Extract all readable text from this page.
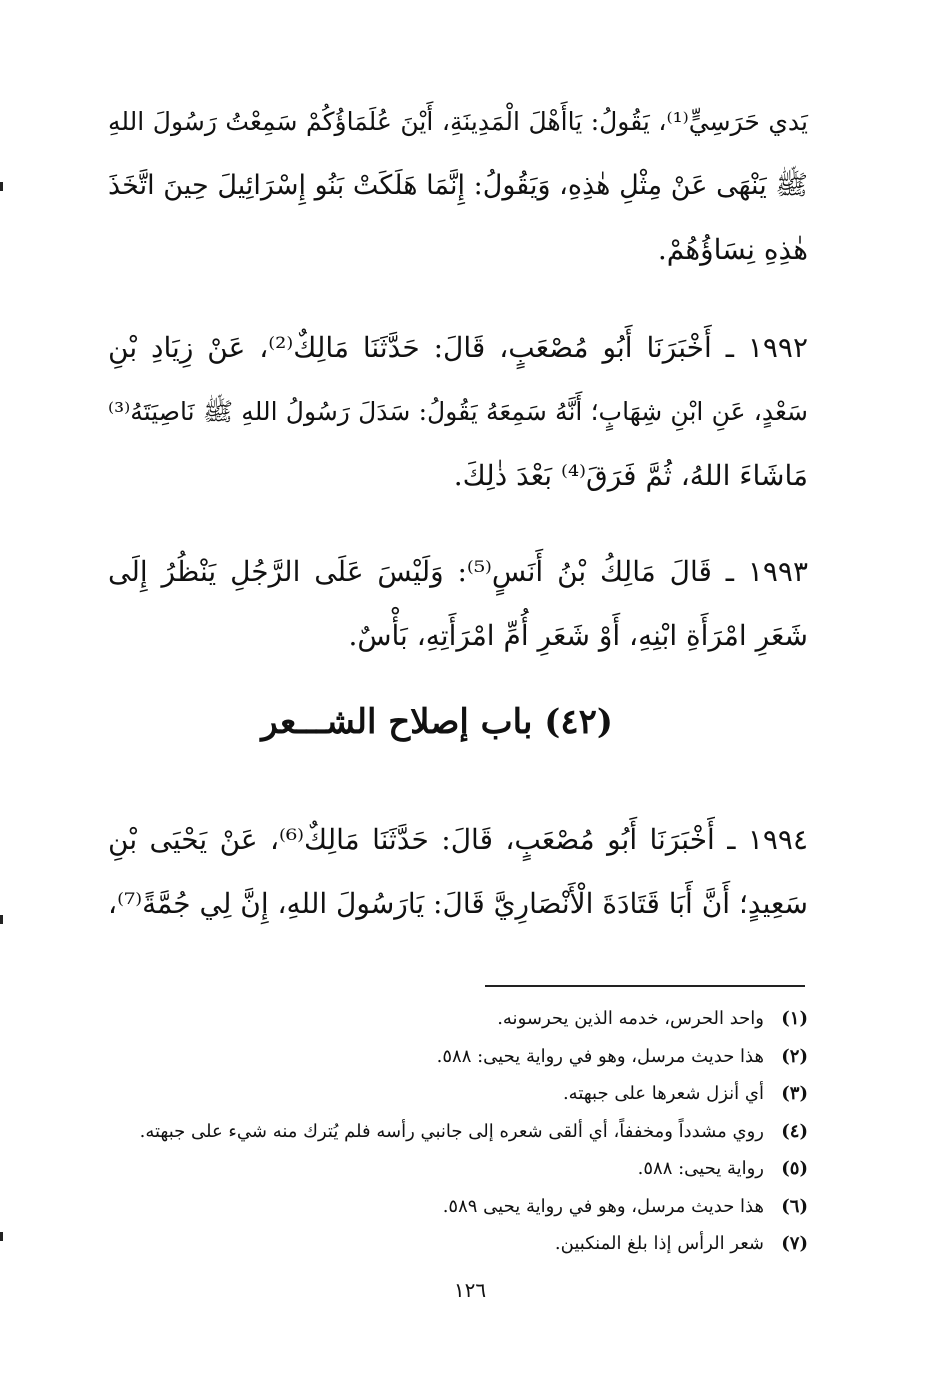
يَدي حَرَسِيٍّ⁽¹⁾، يَقُولُ: يَاأَهْلَ الْمَدِينَةِ، أَيْنَ عُلَمَاؤُكُمْ سَمِعْتُ رَسُولَ اللهِ
ﷺ يَنْهَى عَنْ مِثْلِ هٰذِهِ، وَيَقُولُ: إِنَّمَا هَلَكَتْ بَنُو إِسْرَائِيلَ حِينَ اتَّخَذَ
هٰذِهِ نِسَاؤُهُمْ.
١٩٩٢ ـ أَخْبَرَنَا أَبُو مُصْعَبٍ، قَالَ: حَدَّثَنَا مَالِكٌ⁽²⁾، عَنْ زِيَادِ بْنِ
سَعْدٍ، عَنِ ابْنِ شِهَابٍ؛ أَنَّهُ سَمِعَهُ يَقُولُ: سَدَلَ رَسُولُ اللهِ ﷺ نَاصِيَتَهُ⁽³⁾
مَاشَاءَ اللهُ، ثُمَّ فَرَقَ⁽⁴⁾ بَعْدَ ذٰلِكَ.
١٩٩٣ ـ قَالَ مَالِكُ بْنُ أَنَسٍ⁽⁵⁾: وَلَيْسَ عَلَى الرَّجُلِ يَنْظُرُ إِلَى
شَعَرِ امْرَأَةِ ابْنِهِ، أَوْ شَعَرِ أُمِّ امْرَأَتِهِ، بَأْسٌ.
(٤٢) باب إصلاح الشـــعر
١٩٩٤ ـ أَخْبَرَنَا أَبُو مُصْعَبٍ، قَالَ: حَدَّثَنَا مَالِكٌ⁽⁶⁾، عَنْ يَحْيَى بْنِ
سَعِيدٍ؛ أَنَّ أَبَا قَتَادَةَ الْأَنْصَارِيَّ قَالَ: يَارَسُولَ اللهِ، إِنَّ لِي جُمَّةً⁽⁷⁾،
(١)واحد الحرس، خدمه الذين يحرسونه.
(٢)هذا حديث مرسل، وهو في رواية يحيى: ٥٨٨.
(٣)أي أنزل شعرها على جبهته.
(٤)روي مشدداً ومخففاً، أي ألقى شعره إلى جانبي رأسه فلم يُترك منه شيء على جبهته.
(٥)رواية يحيى: ٥٨٨.
(٦)هذا حديث مرسل، وهو في رواية يحيى ٥٨٩.
(٧)شعر الرأس إذا بلغ المنكبين.
١٢٦
